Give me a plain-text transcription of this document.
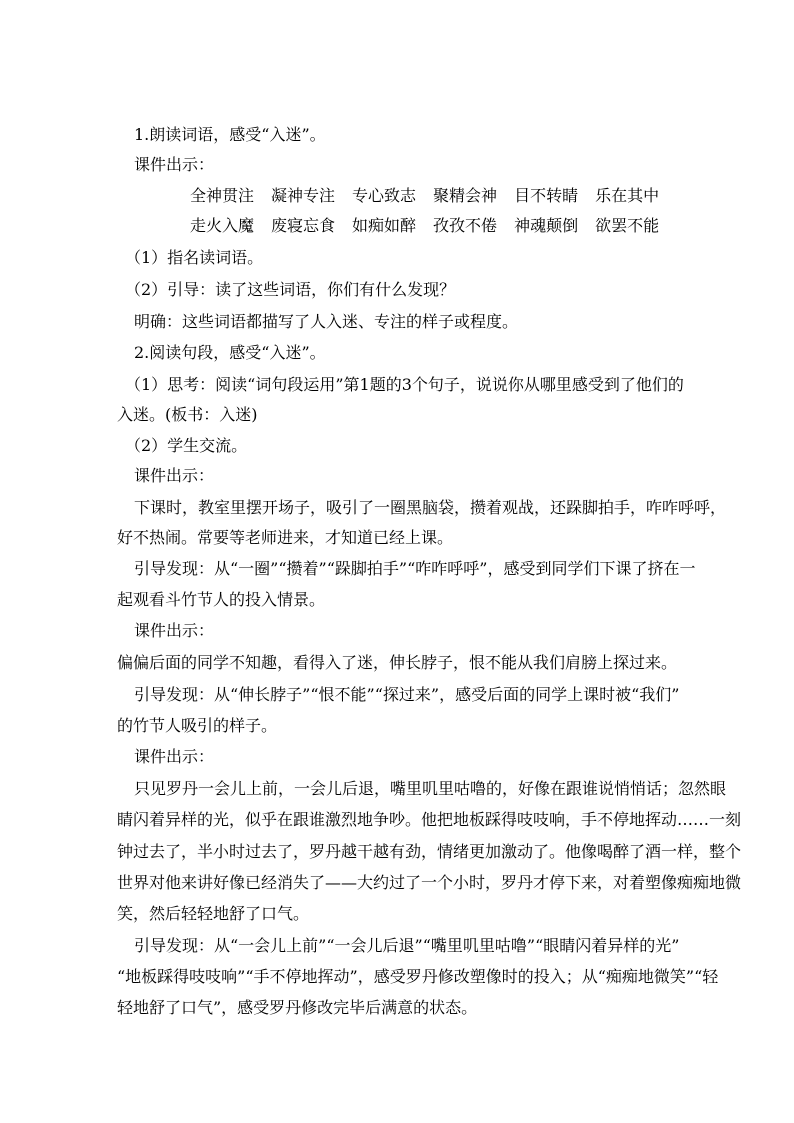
1.朗读词语，感受“入迷”。
课件出示：
全神贯注 凝神专注 专心致志 聚精会神 目不转睛 乐在其中
走火入魔 废寝忘食 如痴如醉 孜孜不倦 神魂颠倒 欲罢不能
（1）指名读词语。
（2）引导：读了这些词语，你们有什么发现？
明确：这些词语都描写了人入迷、专注的样子或程度。
2.阅读句段，感受“入迷”。
（1）思考：阅读“词句段运用”第1题的3个句子，说说你从哪里感受到了他们的
入迷。(板书：入迷)
（2）学生交流。
课件出示：
下课时，教室里摆开场子，吸引了一圈黑脑袋，攒着观战，还跺脚拍手，咋咋呼呼，
好不热闹。常要等老师进来，才知道已经上课。
引导发现：从“一圈”“攒着”“跺脚拍手”“咋咋呼呼”，感受到同学们下课了挤在一
起观看斗竹节人的投入情景。
课件出示：
偏偏后面的同学不知趣，看得入了迷，伸长脖子，恨不能从我们肩膀上探过来。
引导发现：从“伸长脖子”“恨不能”“探过来”，感受后面的同学上课时被“我们”
的竹节人吸引的样子。
课件出示：
只见罗丹一会儿上前，一会儿后退，嘴里叽里咕噜的，好像在跟谁说悄悄话；忽然眼
睛闪着异样的光，似乎在跟谁激烈地争吵。他把地板踩得吱吱响，手不停地挥动……一刻
钟过去了，半小时过去了，罗丹越干越有劲，情绪更加激动了。他像喝醉了酒一样，整个
世界对他来讲好像已经消失了——大约过了一个小时，罗丹才停下来，对着塑像痴痴地微
笑，然后轻轻地舒了口气。
引导发现：从“一会儿上前”“一会儿后退”“嘴里叽里咕噜”“眼睛闪着异样的光”
“地板踩得吱吱响”“手不停地挥动”，感受罗丹修改塑像时的投入；从“痴痴地微笑”“轻
轻地舒了口气”，感受罗丹修改完毕后满意的状态。
